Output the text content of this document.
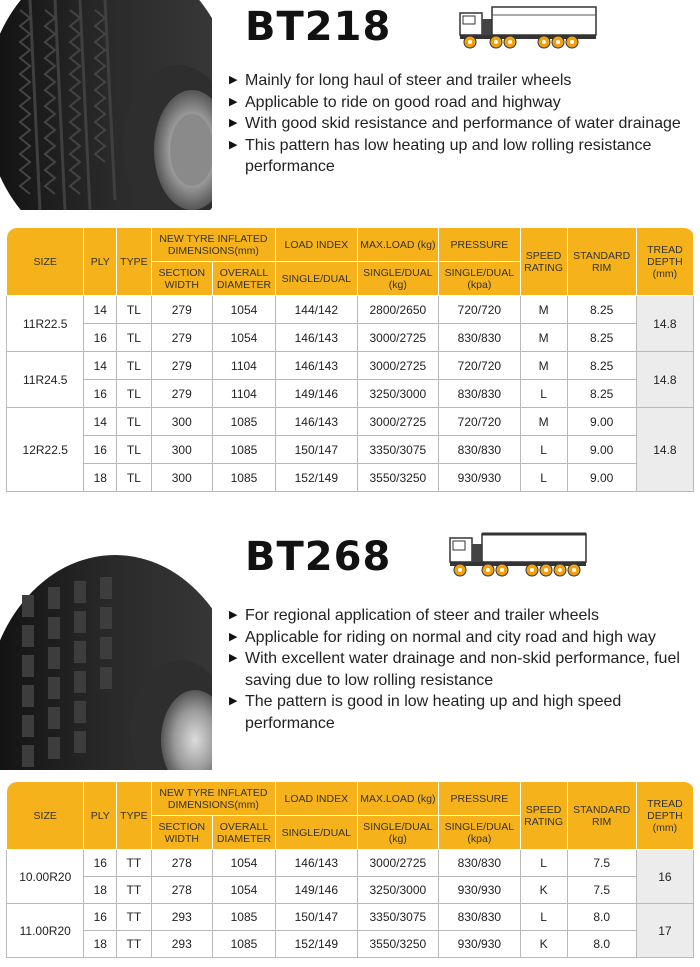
BT218
▶ Mainly for long haul of steer and trailer wheels
▶ Applicable to ride on good road and highway
▶ With good skid resistance and performance of water drainage
▶ This pattern has low heating up and low rolling resistance performance
SIZE	PLY	TYPE	NEW TYRE INFLATED DIMENSIONS(mm)		LOAD INDEX	MAX.LOAD (kg)	PRESSURE	SPEED RATING	STANDARD RIM	TREAD DEPTH (mm)
			SECTION WIDTH	OVERALL DIAMETER	SINGLE/DUAL	SINGLE/DUAL (kg)	SINGLE/DUAL (kpa)			
11R22.5	14	TL	279	1054	144/142	2800/2650	720/720	M	8.25	14.8
	16	TL	279	1054	146/143	3000/2725	830/830	M	8.25	
11R24.5	14	TL	279	1104	146/143	3000/2725	720/720	M	8.25	14.8
	16	TL	279	1104	149/146	3250/3000	830/830	L	8.25	
12R22.5	14	TL	300	1085	146/143	3000/2725	720/720	M	9.00	14.8
	16	TL	300	1085	150/147	3350/3075	830/830	L	9.00	
	18	TL	300	1085	152/149	3550/3250	930/930	L	9.00	
BT268
▶ For regional application of steer and trailer wheels
▶ Applicable for riding on normal and city road and high way
▶ With excellent water drainage and non-skid performance, fuel saving due to low rolling resistance
▶ The pattern is good in low heating up and high speed performance
SIZE	PLY	TYPE	NEW TYRE INFLATED DIMENSIONS(mm)		LOAD INDEX	MAX.LOAD (kg)	PRESSURE	SPEED RATING	STANDARD RIM	TREAD DEPTH (mm)
			SECTION WIDTH	OVERALL DIAMETER	SINGLE/DUAL	SINGLE/DUAL (kg)	SINGLE/DUAL (kpa)			
10.00R20	16	TT	278	1054	146/143	3000/2725	830/830	L	7.5	16
	18	TT	278	1054	149/146	3250/3000	930/930	K	7.5	
11.00R20	16	TT	293	1085	150/147	3350/3075	830/830	L	8.0	17
	18	TT	293	1085	152/149	3550/3250	930/930	K	8.0	
